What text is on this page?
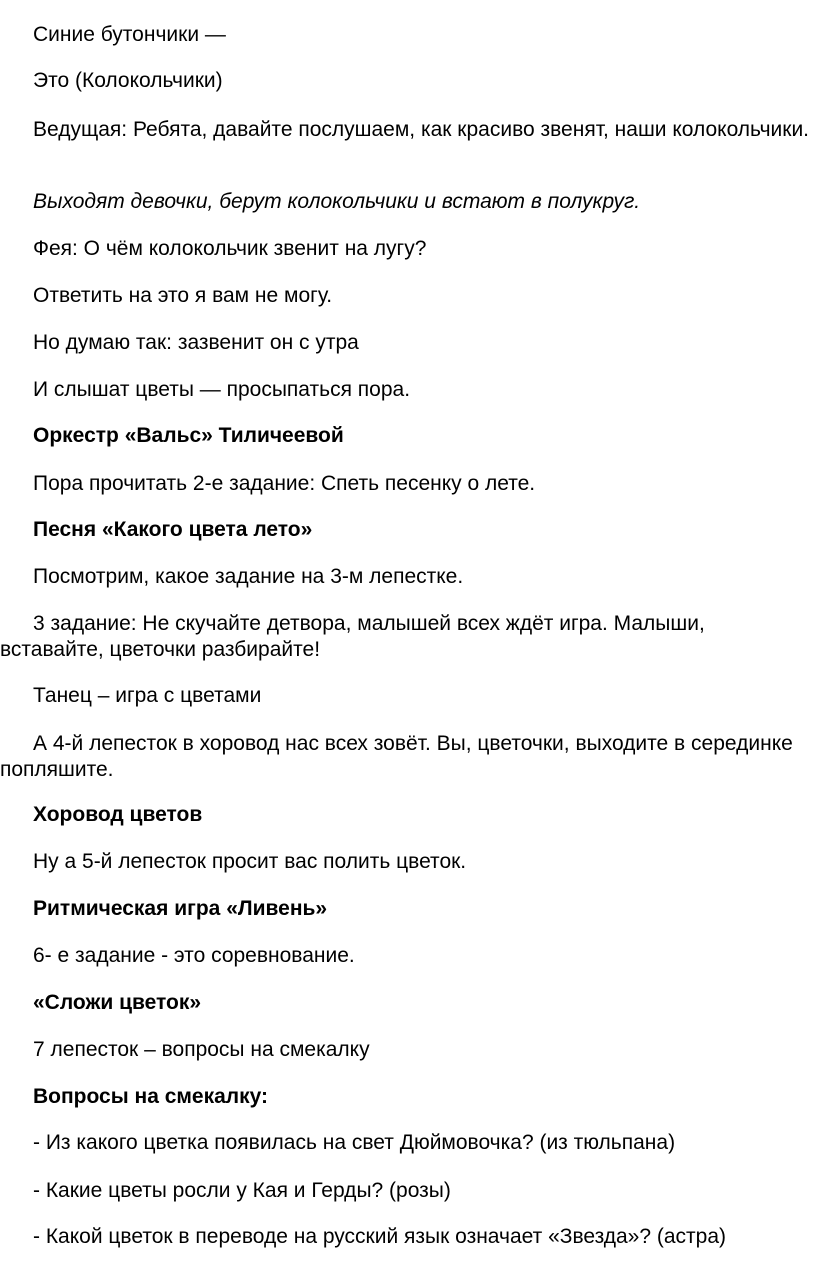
Синие бутончики —

Это (Колокольчики)

Ведущая: Ребята, давайте послушаем, как красиво звенят, наши колокольчики.

Выходят девочки, берут колокольчики и встают в полукруг.

Фея: О чём колокольчик звенит на лугу?

Ответить на это я вам не могу.

Но думаю так: зазвенит он с утра

И слышат цветы — просыпаться пора.

Оркестр «Вальс» Тиличеевой

Пора прочитать 2-е задание: Спеть песенку о лете.

Песня «Какого цвета лето»

Посмотрим, какое задание на 3-м лепестке.

3 задание: Не скучайте детвора, малышей всех ждёт игра. Малыши, вставайте, цветочки разбирайте!

Танец – игра с цветами

А 4-й лепесток в хоровод нас всех зовёт. Вы, цветочки, выходите в серединке попляшите.

Хоровод цветов

Ну а 5-й лепесток просит вас полить цветок.

Ритмическая игра «Ливень»

6- е задание - это соревнование.

«Сложи цветок»

7 лепесток – вопросы на смекалку

Вопросы на смекалку:

- Из какого цветка появилась на свет Дюймовочка? (из тюльпана)

- Какие цветы росли у Кая и Герды? (розы)

- Какой цветок в переводе на русский язык означает «Звезда»? (астра)
